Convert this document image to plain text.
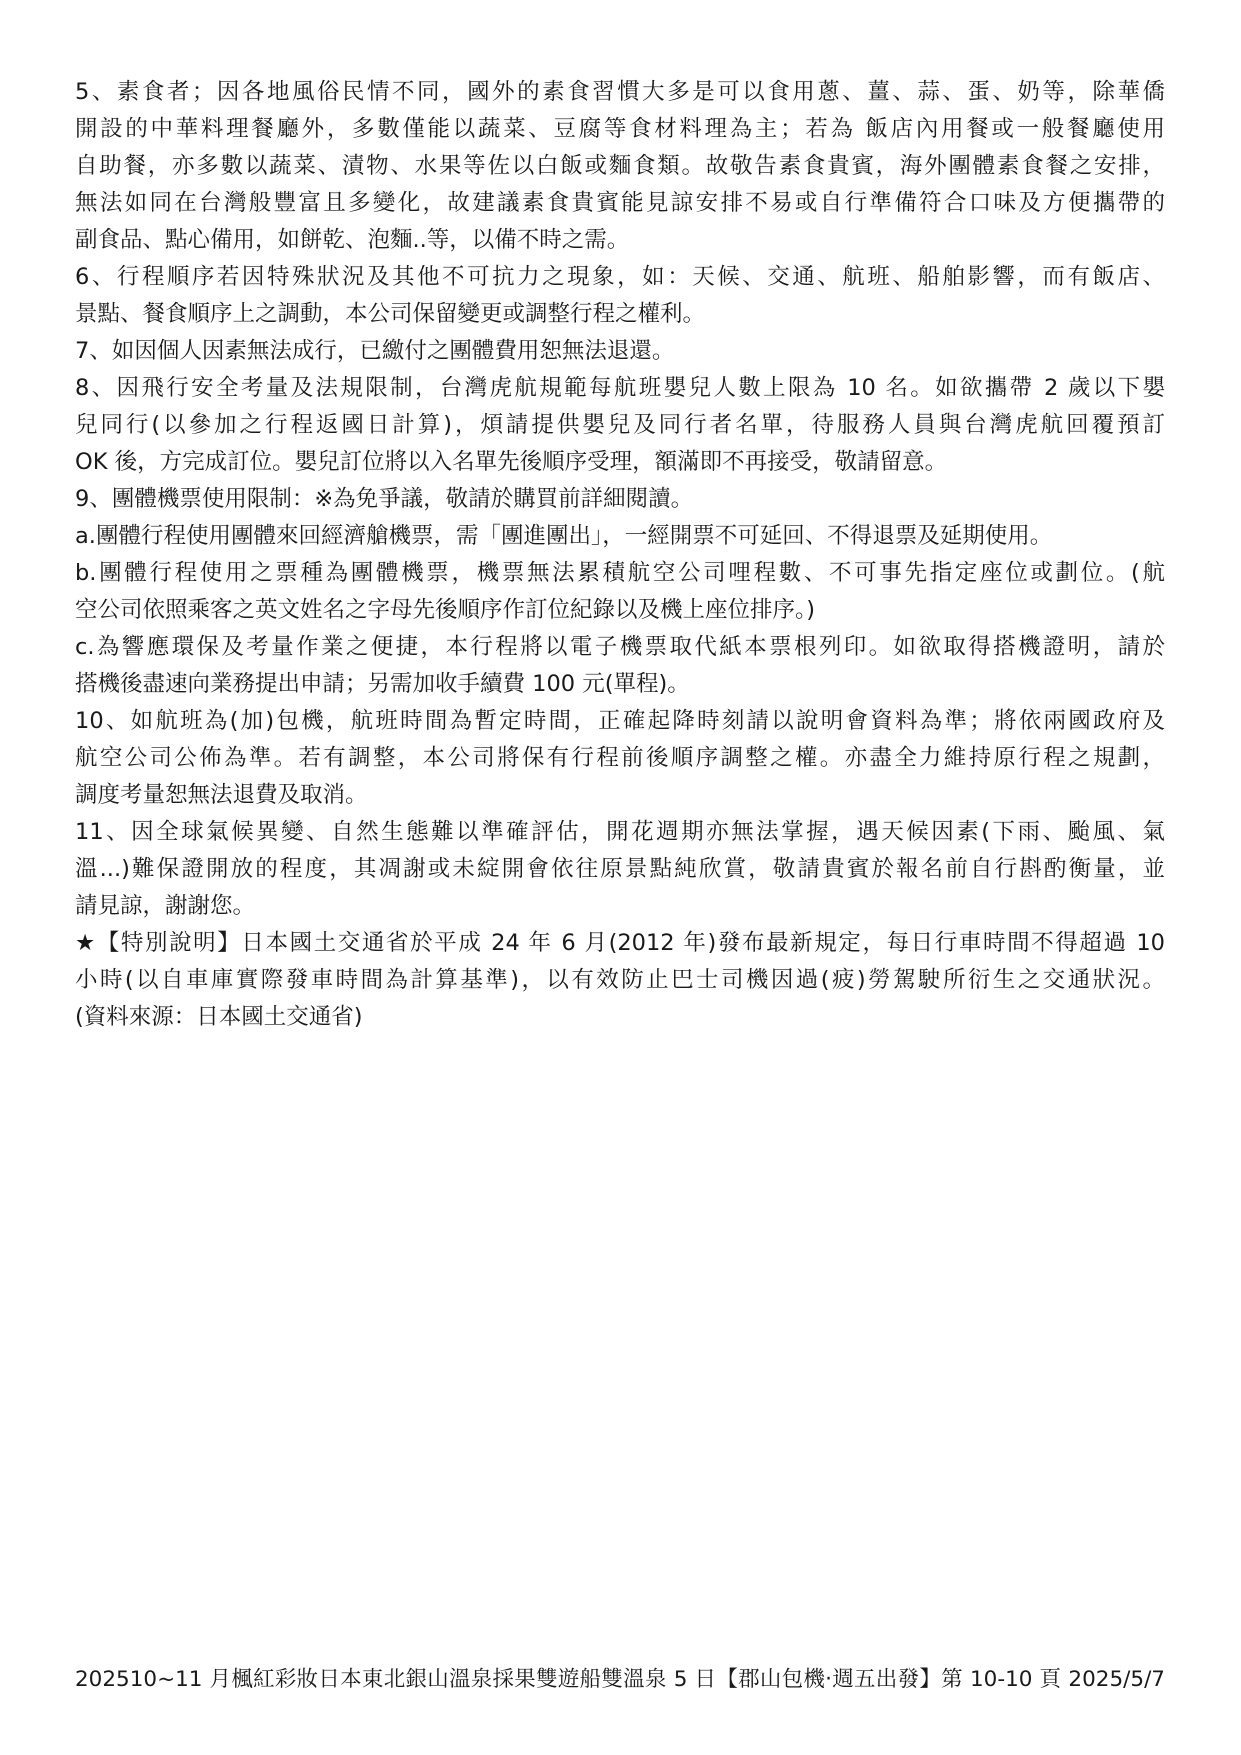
5、素食者；因各地風俗民情不同，國外的素食習慣大多是可以食用蔥、薑、蒜、蛋、奶等，除華僑
開設的中華料理餐廳外，多數僅能以蔬菜、豆腐等食材料理為主；若為 飯店內用餐或一般餐廳使用
自助餐，亦多數以蔬菜、漬物、水果等佐以白飯或麵食類。故敬告素食貴賓，海外團體素食餐之安排，
無法如同在台灣般豐富且多變化，故建議素食貴賓能見諒安排不易或自行準備符合口味及方便攜帶的
副食品、點心備用，如餅乾、泡麵..等，以備不時之需。
6、行程順序若因特殊狀況及其他不可抗力之現象，如：天候、交通、航班、船舶影響，而有飯店、
景點、餐食順序上之調動，本公司保留變更或調整行程之權利。
7、如因個人因素無法成行，已繳付之團體費用恕無法退還。
8、因飛行安全考量及法規限制，台灣虎航規範每航班嬰兒人數上限為 10 名。如欲攜帶 2 歲以下嬰
兒同行(以參加之行程返國日計算)，煩請提供嬰兒及同行者名單，待服務人員與台灣虎航回覆預訂
OK 後，方完成訂位。嬰兒訂位將以入名單先後順序受理，額滿即不再接受，敬請留意。
9、團體機票使用限制：※為免爭議，敬請於購買前詳細閱讀。
a.團體行程使用團體來回經濟艙機票，需「團進團出」，一經開票不可延回、不得退票及延期使用。
b.團體行程使用之票種為團體機票，機票無法累積航空公司哩程數、不可事先指定座位或劃位。(航
空公司依照乘客之英文姓名之字母先後順序作訂位紀錄以及機上座位排序。)
c.為響應環保及考量作業之便捷，本行程將以電子機票取代紙本票根列印。如欲取得搭機證明，請於
搭機後盡速向業務提出申請；另需加收手續費 100 元(單程)。
10、如航班為(加)包機，航班時間為暫定時間，正確起降時刻請以說明會資料為準；將依兩國政府及
航空公司公佈為準。若有調整，本公司將保有行程前後順序調整之權。亦盡全力維持原行程之規劃，
調度考量恕無法退費及取消。
11、因全球氣候異變、自然生態難以準確評估，開花週期亦無法掌握，遇天候因素(下雨、颱風、氣
溫...)難保證開放的程度，其凋謝或未綻開會依往原景點純欣賞，敬請貴賓於報名前自行斟酌衡量，並
請見諒，謝謝您。
★【特別說明】日本國土交通省於平成 24 年 6 月(2012 年)發布最新規定，每日行車時間不得超過 10
小時(以自車庫實際發車時間為計算基準)，以有效防止巴士司機因過(疲)勞駕駛所衍生之交通狀況。
(資料來源：日本國土交通省)
202510~11 月楓紅彩妝日本東北銀山溫泉採果雙遊船雙溫泉 5 日【郡山包機‧週五出發】第 10-10 頁 2025/5/7
